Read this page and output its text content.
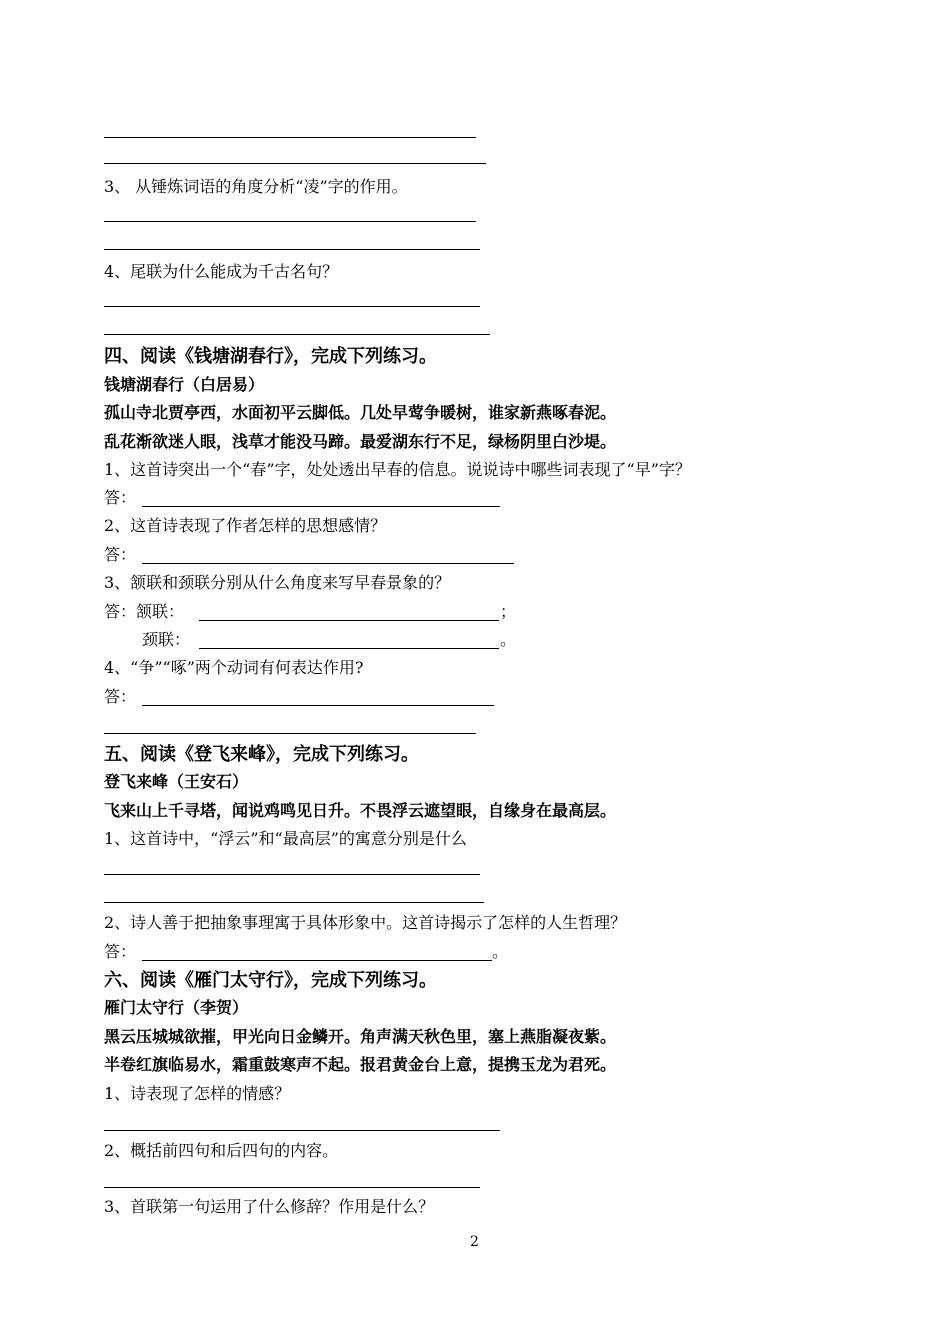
3、 从锤炼词语的角度分析“凌”字的作用。
4、尾联为什么能成为千古名句？
四、阅读《钱塘湖春行》，完成下列练习。
钱塘湖春行（白居易）
孤山寺北贾亭西，水面初平云脚低。几处早莺争暖树，谁家新燕啄春泥。
乱花渐欲迷人眼，浅草才能没马蹄。最爱湖东行不足，绿杨阴里白沙堤。
1、这首诗突出一个“春”字，处处透出早春的信息。说说诗中哪些词表现了“早”字？
答：
2、这首诗表现了作者怎样的思想感情？
答：
3、颔联和颈联分别从什么角度来写早春景象的？
答：颔联：	；
颈联：	。
4、“争”“啄”两个动词有何表达作用?
答：
五、阅读《登飞来峰》，完成下列练习。
登飞来峰（王安石）
飞来山上千寻塔，闻说鸡鸣见日升。不畏浮云遮望眼，自缘身在最高层。
1、这首诗中，“浮云”和“最高层”的寓意分别是什么
2、诗人善于把抽象事理寓于具体形象中。这首诗揭示了怎样的人生哲理？
答：	。
六、阅读《雁门太守行》，完成下列练习。
雁门太守行（李贺）
黑云压城城欲摧，甲光向日金鳞开。角声满天秋色里，塞上燕脂凝夜紫。
半卷红旗临易水，霜重鼓寒声不起。报君黄金台上意，提携玉龙为君死。
1、诗表现了怎样的情感？
2、概括前四句和后四句的内容。
3、首联第一句运用了什么修辞？作用是什么？
2
